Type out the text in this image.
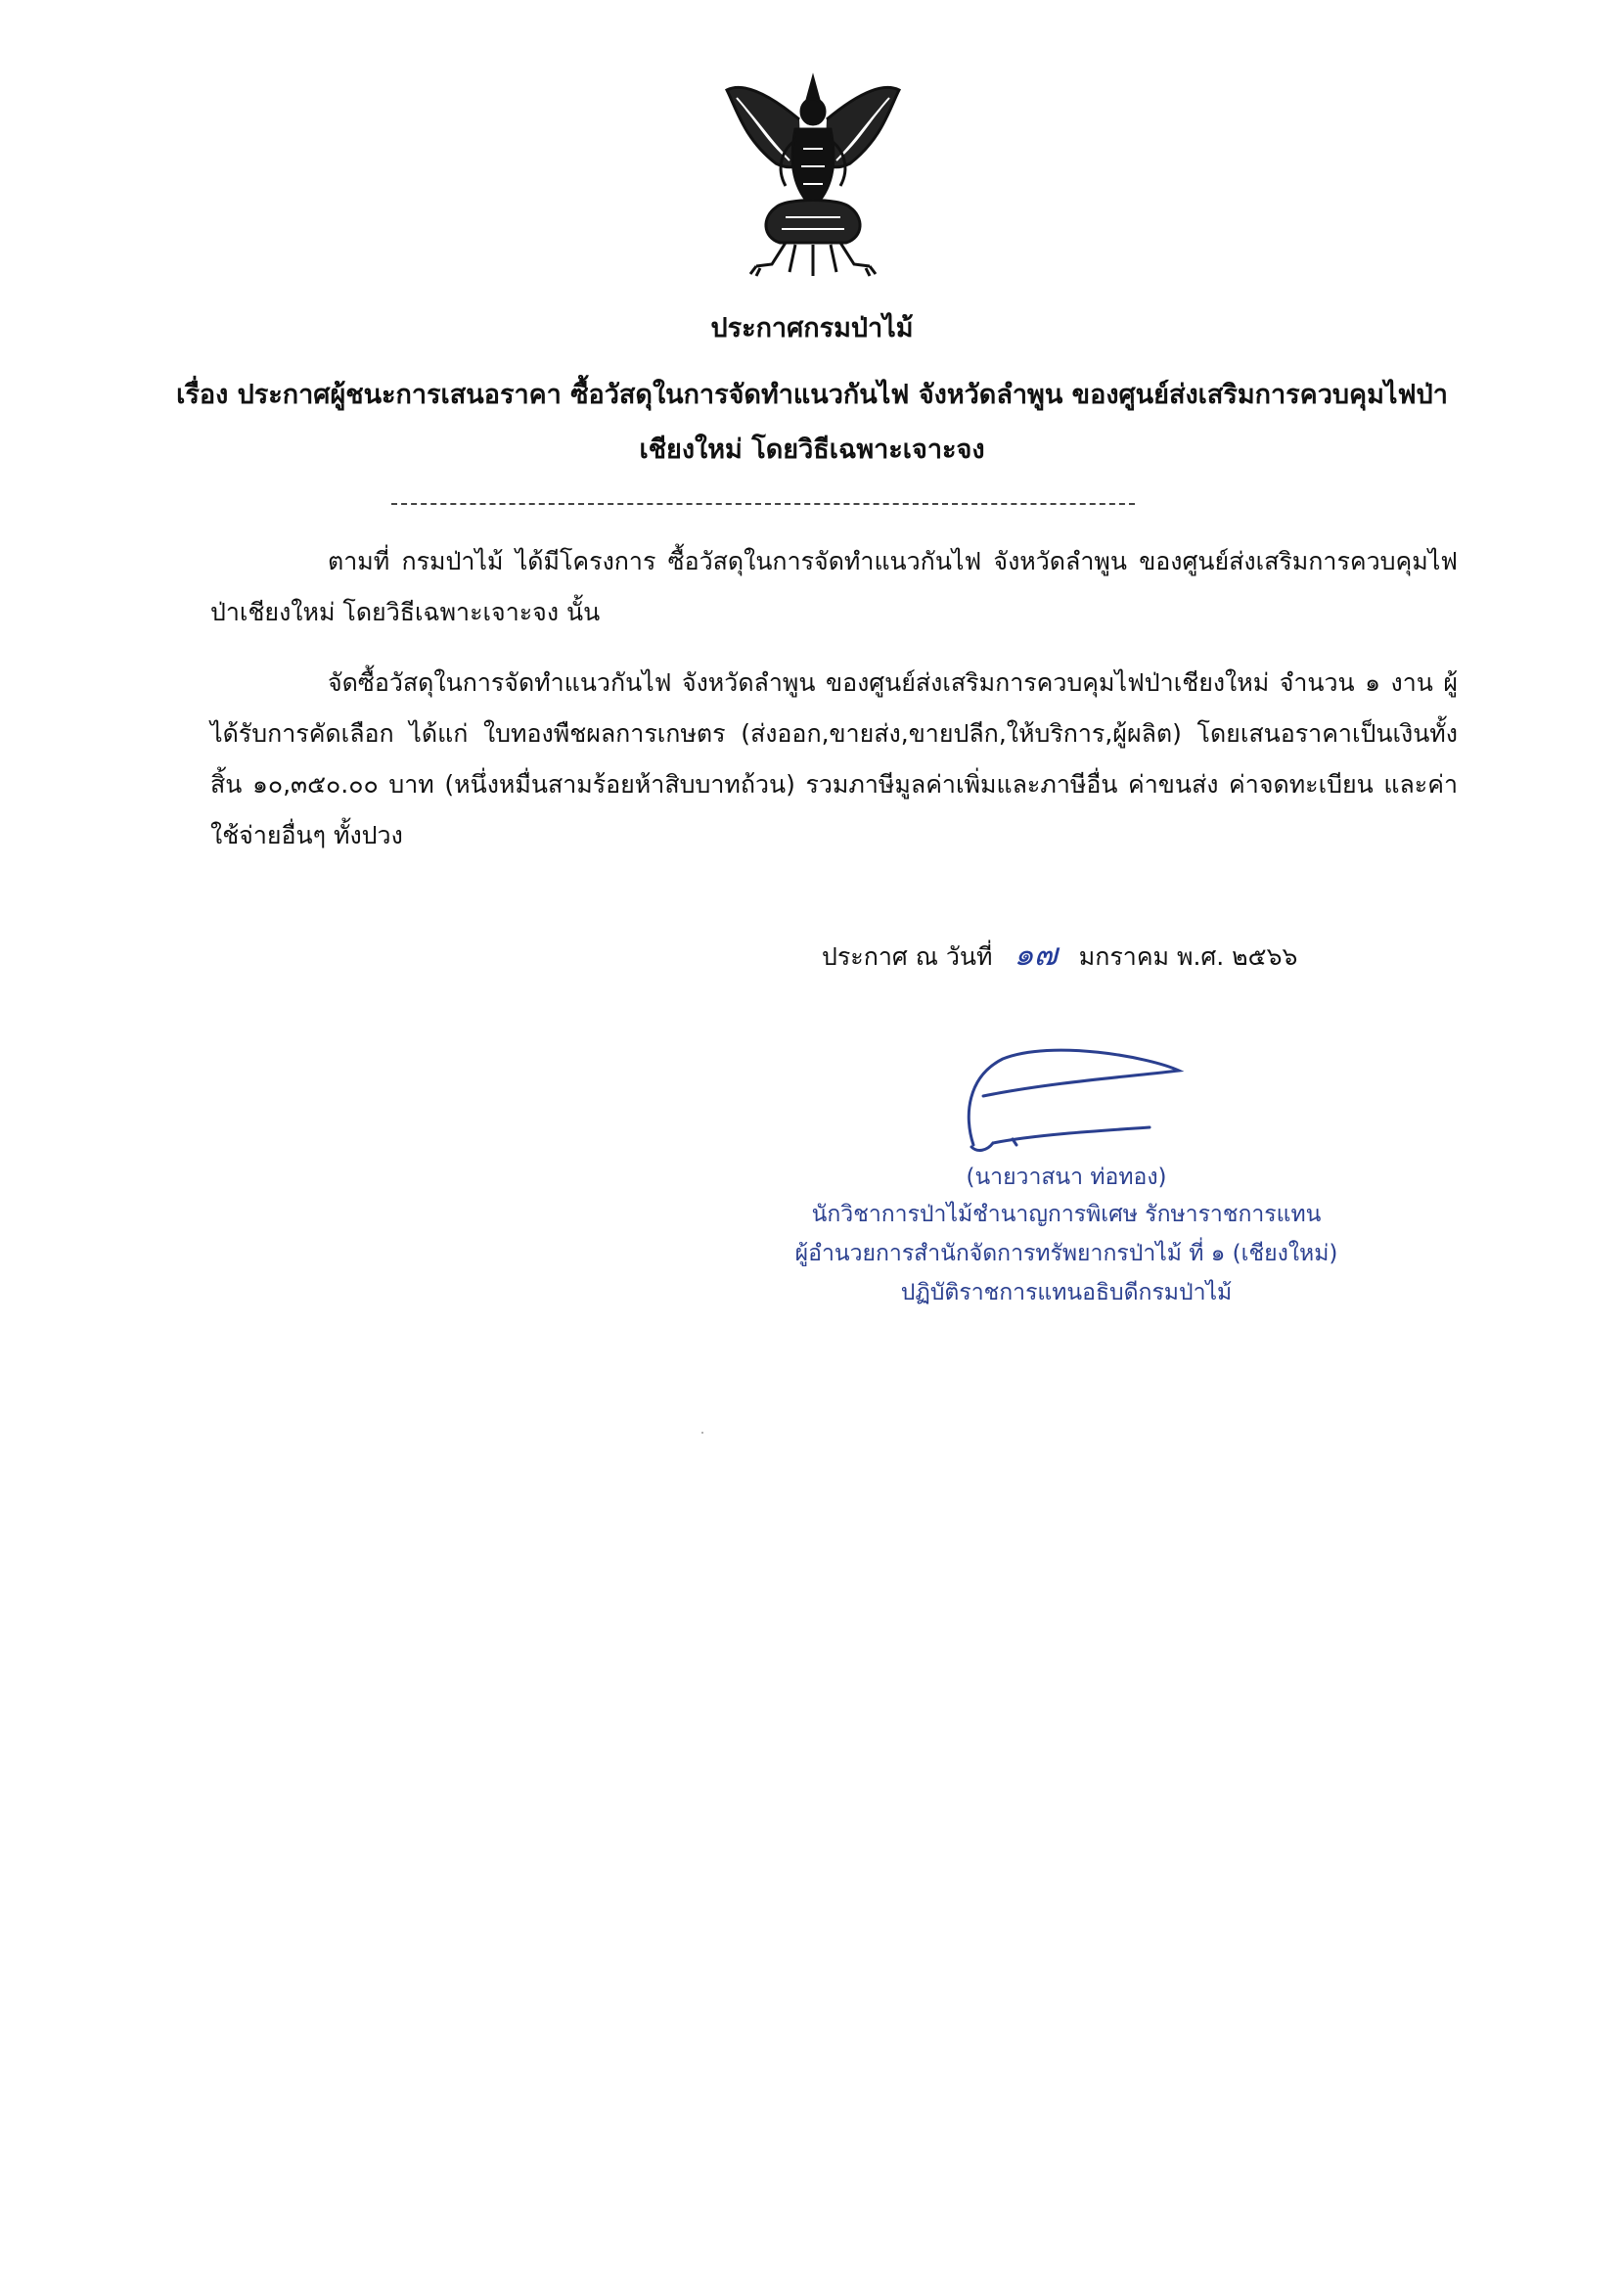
ประกาศกรมป่าไม้
เรื่อง ประกาศผู้ชนะการเสนอราคา ซื้อวัสดุในการจัดทำแนวกันไฟ จังหวัดลำพูน ของศูนย์ส่งเสริมการควบคุมไฟป่าเชียงใหม่ โดยวิธีเฉพาะเจาะจง
ตามที่ กรมป่าไม้ ได้มีโครงการ ซื้อวัสดุในการจัดทำแนวกันไฟ จังหวัดลำพูน ของศูนย์ส่งเสริมการควบคุมไฟป่าเชียงใหม่ โดยวิธีเฉพาะเจาะจง นั้น
จัดซื้อวัสดุในการจัดทำแนวกันไฟ จังหวัดลำพูน ของศูนย์ส่งเสริมการควบคุมไฟป่าเชียงใหม่ จำนวน ๑ งาน ผู้ได้รับการคัดเลือก ได้แก่ ใบทองพืชผลการเกษตร (ส่งออก,ขายส่ง,ขายปลีก,ให้บริการ,ผู้ผลิต) โดยเสนอราคาเป็นเงินทั้งสิ้น ๑๐,๓๕๐.๐๐ บาท (หนึ่งหมื่นสามร้อยห้าสิบบาทถ้วน) รวมภาษีมูลค่าเพิ่มและภาษีอื่น ค่าขนส่ง ค่าจดทะเบียน และค่าใช้จ่ายอื่นๆ ทั้งปวง
ประกาศ ณ วันที่ ๑๗ มกราคม พ.ศ. ๒๕๖๖
(นายวาสนา ท่อทอง)
นักวิชาการป่าไม้ชำนาญการพิเศษ รักษาราชการแทน
ผู้อำนวยการสำนักจัดการทรัพยากรป่าไม้ ที่ ๑ (เชียงใหม่)
ปฏิบัติราชการแทนอธิบดีกรมป่าไม้
